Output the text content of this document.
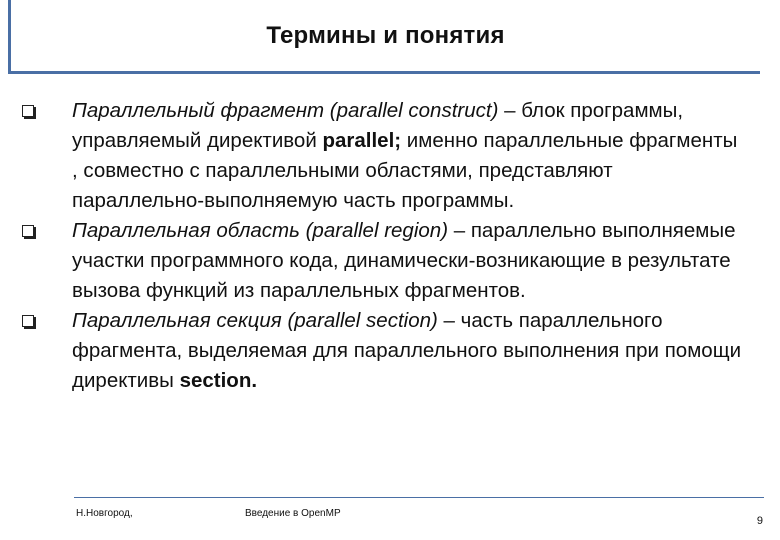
Термины и понятия
Параллельный фрагмент (parallel construct) – блок программы, управляемый директивой parallel; именно параллельные фрагменты , совместно с параллельными областями, представляют параллельно-выполняемую часть программы.
Параллельная область (parallel region) – параллельно выполняемые участки программного кода, динамически-возникающие в результате вызова функций из параллельных фрагментов.
Параллельная секция (parallel section) – часть параллельного фрагмента, выделяемая для параллельного выполнения при помощи директивы section.
Н.Новгород,	Введение в OpenMP
9
